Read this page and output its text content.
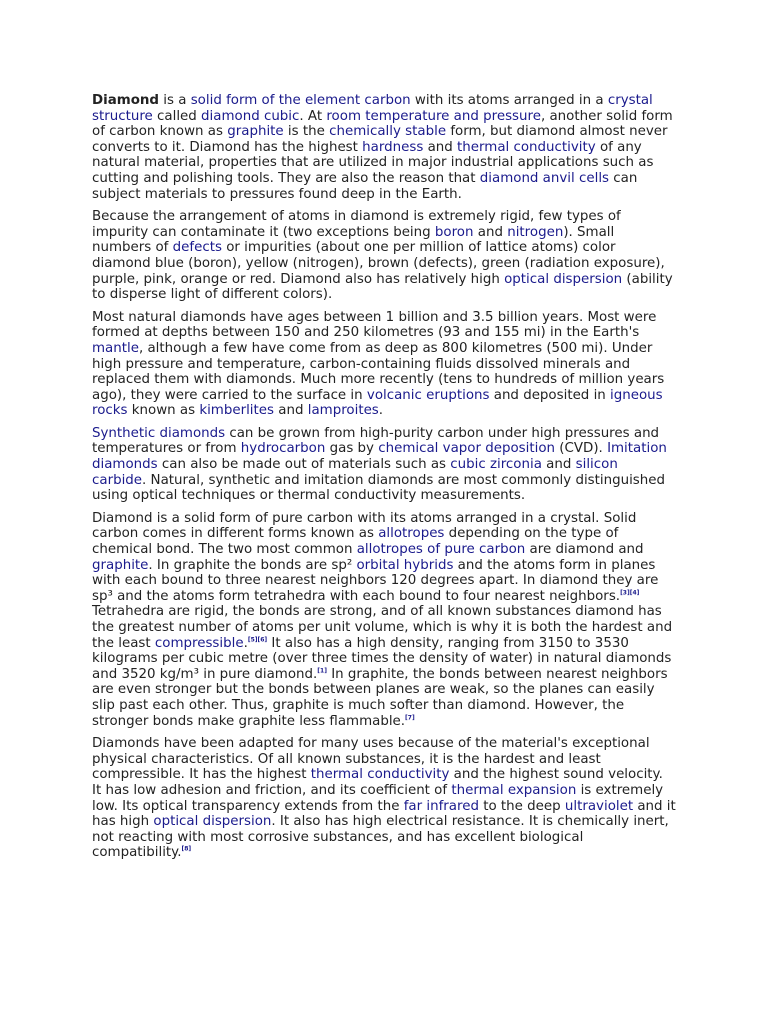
Diamond is a solid form of the element carbon with its atoms arranged in a crystal structure called diamond cubic. At room temperature and pressure, another solid form of carbon known as graphite is the chemically stable form, but diamond almost never converts to it. Diamond has the highest hardness and thermal conductivity of any natural material, properties that are utilized in major industrial applications such as cutting and polishing tools. They are also the reason that diamond anvil cells can subject materials to pressures found deep in the Earth.

Because the arrangement of atoms in diamond is extremely rigid, few types of impurity can contaminate it (two exceptions being boron and nitrogen). Small numbers of defects or impurities (about one per million of lattice atoms) color diamond blue (boron), yellow (nitrogen), brown (defects), green (radiation exposure), purple, pink, orange or red. Diamond also has relatively high optical dispersion (ability to disperse light of different colors).

Most natural diamonds have ages between 1 billion and 3.5 billion years. Most were formed at depths between 150 and 250 kilometres (93 and 155 mi) in the Earth's mantle, although a few have come from as deep as 800 kilometres (500 mi). Under high pressure and temperature, carbon-containing fluids dissolved minerals and replaced them with diamonds. Much more recently (tens to hundreds of million years ago), they were carried to the surface in volcanic eruptions and deposited in igneous rocks known as kimberlites and lamproites.

Synthetic diamonds can be grown from high-purity carbon under high pressures and temperatures or from hydrocarbon gas by chemical vapor deposition (CVD). Imitation diamonds can also be made out of materials such as cubic zirconia and silicon carbide. Natural, synthetic and imitation diamonds are most commonly distinguished using optical techniques or thermal conductivity measurements.

Diamond is a solid form of pure carbon with its atoms arranged in a crystal. Solid carbon comes in different forms known as allotropes depending on the type of chemical bond. The two most common allotropes of pure carbon are diamond and graphite. In graphite the bonds are sp² orbital hybrids and the atoms form in planes with each bound to three nearest neighbors 120 degrees apart. In diamond they are sp³ and the atoms form tetrahedra with each bound to four nearest neighbors.[3][4] Tetrahedra are rigid, the bonds are strong, and of all known substances diamond has the greatest number of atoms per unit volume, which is why it is both the hardest and the least compressible.[5][6] It also has a high density, ranging from 3150 to 3530 kilograms per cubic metre (over three times the density of water) in natural diamonds and 3520 kg/m³ in pure diamond.[1] In graphite, the bonds between nearest neighbors are even stronger but the bonds between planes are weak, so the planes can easily slip past each other. Thus, graphite is much softer than diamond. However, the stronger bonds make graphite less flammable.[7]

Diamonds have been adapted for many uses because of the material's exceptional physical characteristics. Of all known substances, it is the hardest and least compressible. It has the highest thermal conductivity and the highest sound velocity. It has low adhesion and friction, and its coefficient of thermal expansion is extremely low. Its optical transparency extends from the far infrared to the deep ultraviolet and it has high optical dispersion. It also has high electrical resistance. It is chemically inert, not reacting with most corrosive substances, and has excellent biological compatibility.[8]
